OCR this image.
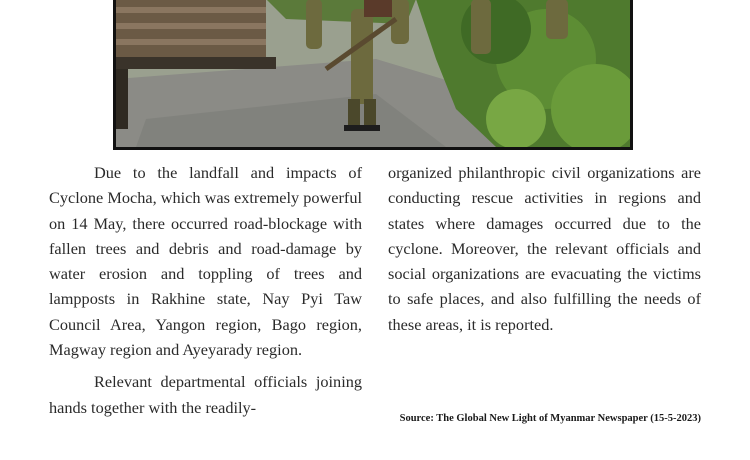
Due to the landfall and impacts of Cyclone Mocha, which was extremely powerful on 14 May, there occurred road-blockage with fallen trees and debris and road-damage by water erosion and toppling of trees and lampposts in Rakhine state, Nay Pyi Taw Council Area, Yangon region, Bago region, Magway region and Ayeyarady region.

Relevant departmental officials joining hands together with the readily-

organized philanthropic civil organizations are conducting rescue activities in regions and states where damages occurred due to the cyclone. Moreover, the relevant officials and social organizations are evacuating the victims to safe places, and also fulfilling the needs of these areas, it is reported.

Source: The Global New Light of Myanmar Newspaper (15-5-2023)
